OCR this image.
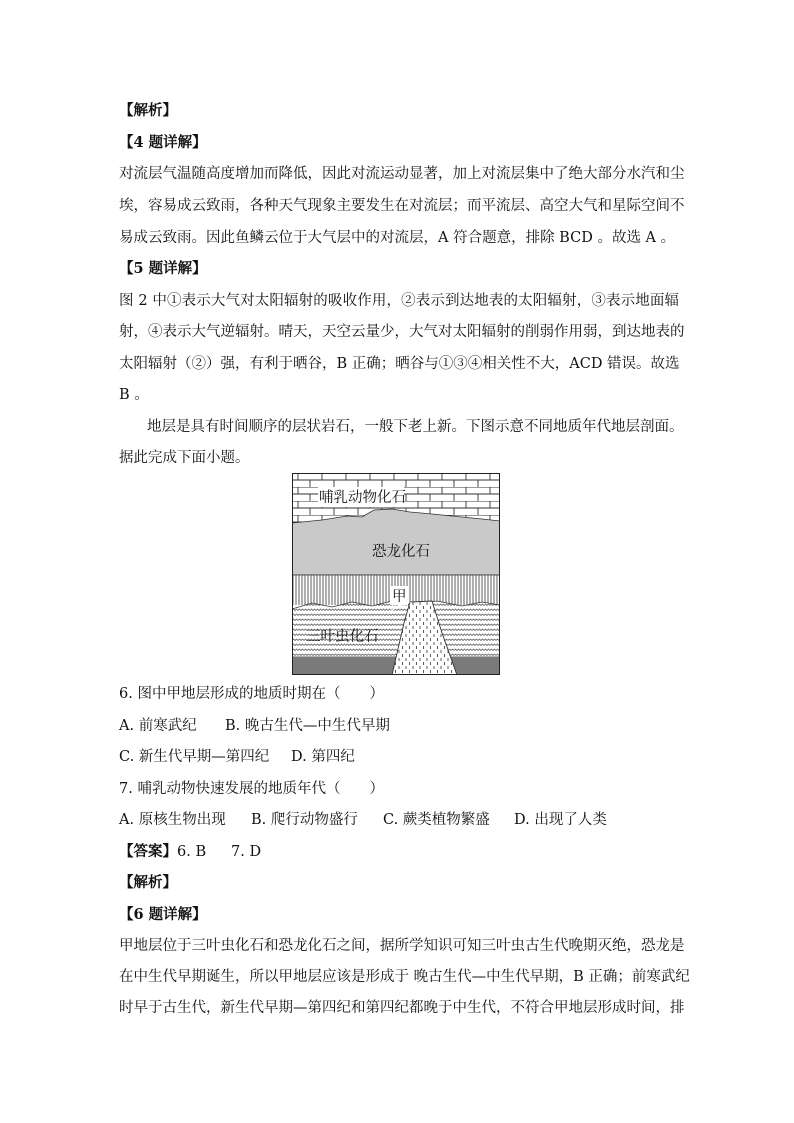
【解析】
【4 题详解】
对流层气温随高度增加而降低，因此对流运动显著，加上对流层集中了绝大部分水汽和尘
埃，容易成云致雨，各种天气现象主要发生在对流层；而平流层、高空大气和星际空间不
易成云致雨。因此鱼鳞云位于大气层中的对流层，A 符合题意，排除 BCD 。故选 A 。
【5 题详解】
图 2 中①表示大气对太阳辐射的吸收作用，②表示到达地表的太阳辐射，③表示地面辐
射，④表示大气逆辐射。晴天，天空云量少，大气对太阳辐射的削弱作用弱，到达地表的
太阳辐射（②）强，有利于晒谷，B 正确；晒谷与①③④相关性不大，ACD 错误。故选
B 。
地层是具有时间顺序的层状岩石，一般下老上新。下图示意不同地质年代地层剖面。
据此完成下面小题。
哺乳动物化石
恐龙化石
甲
三叶虫化石
6. 图中甲地层形成的地质时期在（　　）
A. 前寒武纪 B. 晚古生代—中生代早期
C. 新生代早期—第四纪 D. 第四纪
7. 哺乳动物快速发展的地质年代（　　）
A. 原核生物出现 B. 爬行动物盛行 C. 蕨类植物繁盛 D. 出现了人类
【答案】6. B 7. D
【解析】
【6 题详解】
甲地层位于三叶虫化石和恐龙化石之间，据所学知识可知三叶虫古生代晚期灭绝，恐龙是
在中生代早期诞生，所以甲地层应该是形成于 晚古生代—中生代早期，B 正确；前寒武纪
时早于古生代，新生代早期—第四纪和第四纪都晚于中生代，不符合甲地层形成时间，排
